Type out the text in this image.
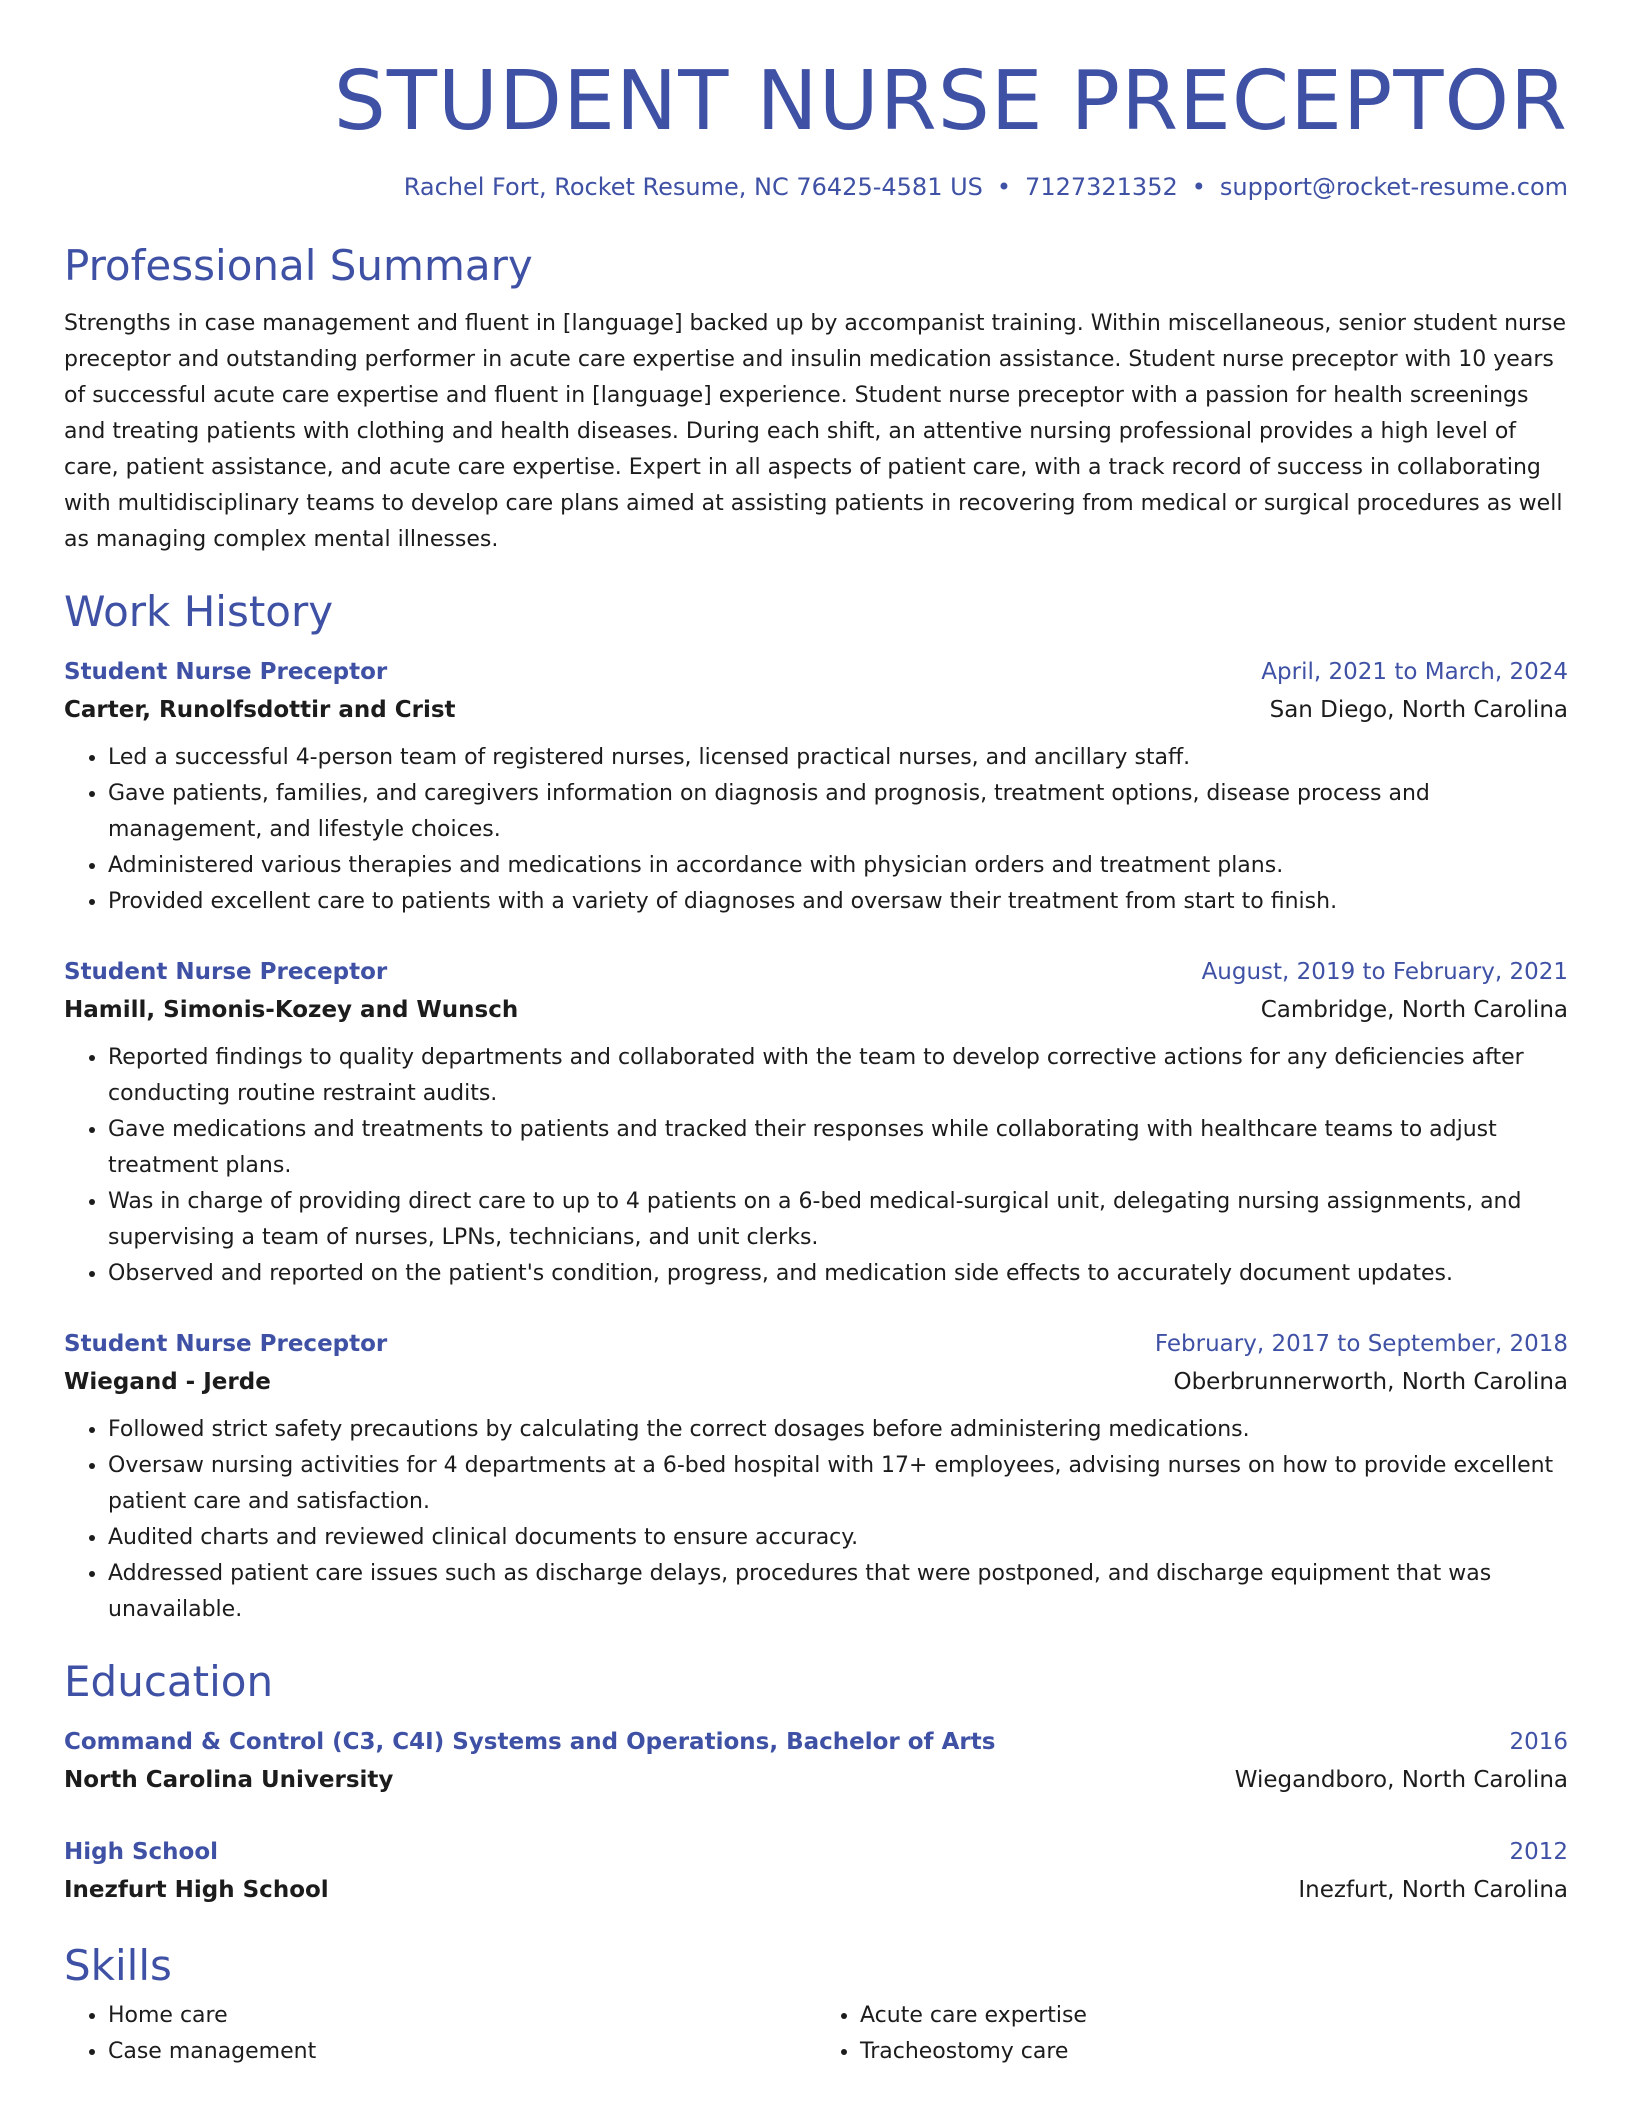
STUDENT NURSE PRECEPTOR
Rachel Fort, Rocket Resume, NC 76425-4581 US • 7127321352 • support@rocket-resume.com
Professional Summary

Strengths in case management and fluent in [language] backed up by accompanist training. Within miscellaneous, senior student nurse preceptor and outstanding performer in acute care expertise and insulin medication assistance. Student nurse preceptor with 10 years of successful acute care expertise and fluent in [language] experience. Student nurse preceptor with a passion for health screenings and treating patients with clothing and health diseases. During each shift, an attentive nursing professional provides a high level of care, patient assistance, and acute care expertise. Expert in all aspects of patient care, with a track record of success in collaborating with multidisciplinary teams to develop care plans aimed at assisting patients in recovering from medical or surgical procedures as well as managing complex mental illnesses.

Work History
Student Nurse Preceptor	April, 2021 to March, 2024
Carter, Runolfsdottir and Crist	San Diego, North Carolina
• Led a successful 4-person team of registered nurses, licensed practical nurses, and ancillary staff.
• Gave patients, families, and caregivers information on diagnosis and prognosis, treatment options, disease process and management, and lifestyle choices.
• Administered various therapies and medications in accordance with physician orders and treatment plans.
• Provided excellent care to patients with a variety of diagnoses and oversaw their treatment from start to finish.
Student Nurse Preceptor	August, 2019 to February, 2021
Hamill, Simonis-Kozey and Wunsch	Cambridge, North Carolina
• Reported findings to quality departments and collaborated with the team to develop corrective actions for any deficiencies after conducting routine restraint audits.
• Gave medications and treatments to patients and tracked their responses while collaborating with healthcare teams to adjust treatment plans.
• Was in charge of providing direct care to up to 4 patients on a 6-bed medical-surgical unit, delegating nursing assignments, and supervising a team of nurses, LPNs, technicians, and unit clerks.
• Observed and reported on the patient's condition, progress, and medication side effects to accurately document updates.
Student Nurse Preceptor	February, 2017 to September, 2018
Wiegand - Jerde	Oberbrunnerworth, North Carolina
• Followed strict safety precautions by calculating the correct dosages before administering medications.
• Oversaw nursing activities for 4 departments at a 6-bed hospital with 17+ employees, advising nurses on how to provide excellent patient care and satisfaction.
• Audited charts and reviewed clinical documents to ensure accuracy.
• Addressed patient care issues such as discharge delays, procedures that were postponed, and discharge equipment that was unavailable.
Education
Command & Control (C3, C4I) Systems and Operations, Bachelor of Arts	2016
North Carolina University	Wiegandboro, North Carolina
High School	2012
Inezfurt High School	Inezfurt, North Carolina
Skills
• Home care
• Case management
• Acute care expertise
• Tracheostomy care
